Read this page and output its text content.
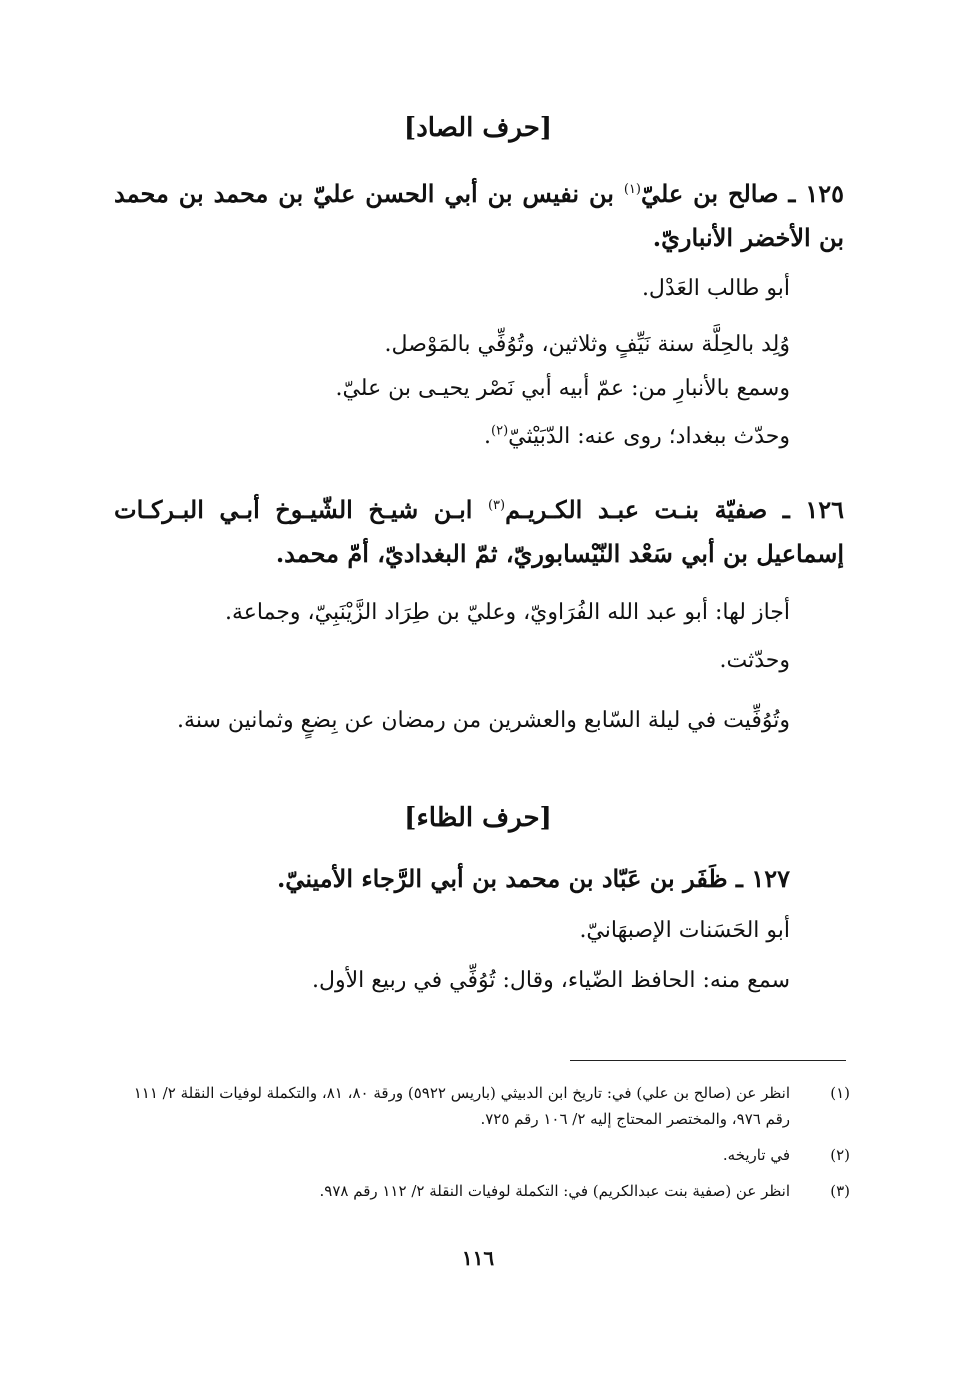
[حرف الصاد]
١٢٥ ـ صالح بن عليّ$^{(١)}$ بن نفيس بن أبي الحسن عليّ بن محمد بن محمد بن الأخضر الأنباريّ.
أبو طالب العَدْل.
وُلِد بالحِلَّة سنة نَيِّفٍ وثلاثين، وتُوُفِّي بالمَوْصل.
وسمع بالأنبارِ من: عمّ أبيه أبي نَصْر يحيـى بن عليّ.
وحدّث ببغداد؛ روى عنه: الدّبَيْثيّ$^{(٢)}$.
١٢٦ ـ صفيّة بنـت عبـد الكـريـم$^{(٣)}$ ابـن شيـخ الشّيـوخ أبـي البـركـات إسماعيل بن أبي سَعْد النّيْسابوريّ، ثمّ البغداديّ، أمّ محمد.
أجاز لها: أبو عبد الله الفُرَاويّ، وعليّ بن طِرَاد الزَّيْنَبِيّ، وجماعة.
وحدّثت.
وتُوُفِّيت في ليلة السّابع والعشرين من رمضان عن بِضعٍ وثمانين سنة.
[حرف الظاء]
١٢٧ ـ ظَفَر بن عَبّاد بن محمد بن أبي الرَّجاء الأمينيّ.
أبو الحَسَنات الإصبهَانيّ.
سمع منه: الحافظ الضّياء، وقال: تُوُفِّي في ربيع الأول.
(١)
انظر عن (صالح بن علي) في: تاريخ ابن الدبيثي (باريس ٥٩٢٢) ورقة ٨٠، ٨١، والتكملة لوفيات النقلة ٢/ ١١١ رقم ٩٧٦، والمختصر المحتاج إليه ٢/ ١٠٦ رقم ٧٢٥.
(٢)
في تاريخه.
(٣)
انظر عن (صفية بنت عبدالكريم) في: التكملة لوفيات النقلة ٢/ ١١٢ رقم ٩٧٨.
١١٦
